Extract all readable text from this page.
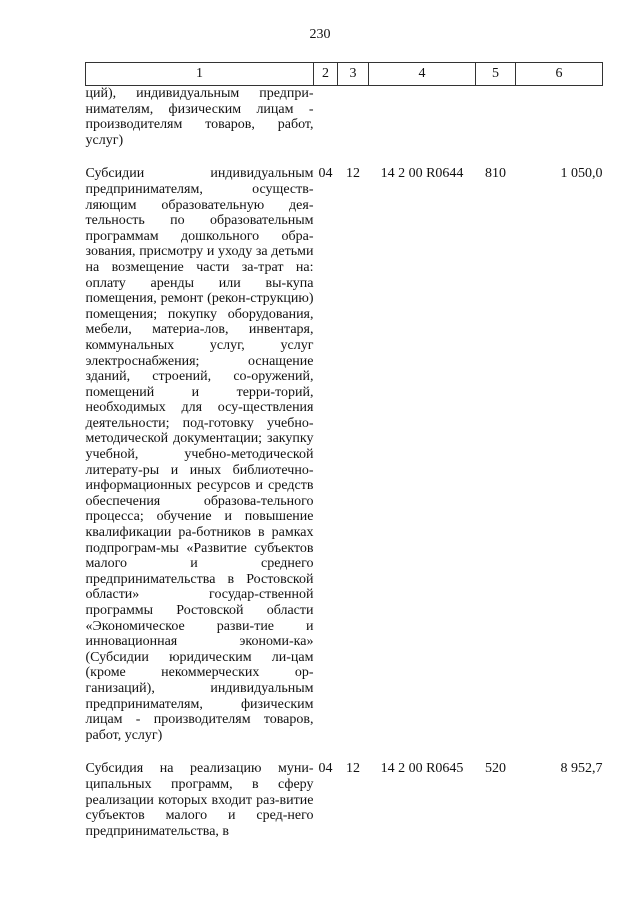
230
1	2	3	4	5	6
ций), индивидуальным предпри-нимателям, физическим лицам - производителям товаров, работ, услуг)					

Субсидии индивидуальным предпринимателям, осуществ-ляющим образовательную дея-тельность по образовательным программам дошкольного обра-зования, присмотру и уходу за детьми на возмещение части за-трат на: оплату аренды или вы-купа помещения, ремонт (рекон-струкцию) помещения; покупку оборудования, мебели, материа-лов, инвентаря, коммунальных услуг, услуг электроснабжения; оснащение зданий, строений, со-оружений, помещений и терри-торий, необходимых для осу-ществления деятельности; под-готовку учебно-методической документации; закупку учебной, учебно-методической литерату-ры и иных библиотечно-информационных ресурсов и средств обеспечения образова-тельного процесса; обучение и повышение квалификации ра-ботников в рамках подпрограм-мы «Развитие субъектов малого и среднего предпринимательства в Ростовской области» государ-ственной программы Ростовской области «Экономическое разви-тие и инновационная экономи-ка» (Субсидии юридическим ли-цам (кроме некоммерческих ор-ганизаций), индивидуальным предпринимателям, физическим лицам - производителям товаров, работ, услуг)	04	12	14 2 00 R0644	810	1 050,0

Субсидия на реализацию муни-ципальных программ, в сферу реализации которых входит раз-витие субъектов малого и сред-него предпринимательства, в	04	12	14 2 00 R0645	520	8 952,7
